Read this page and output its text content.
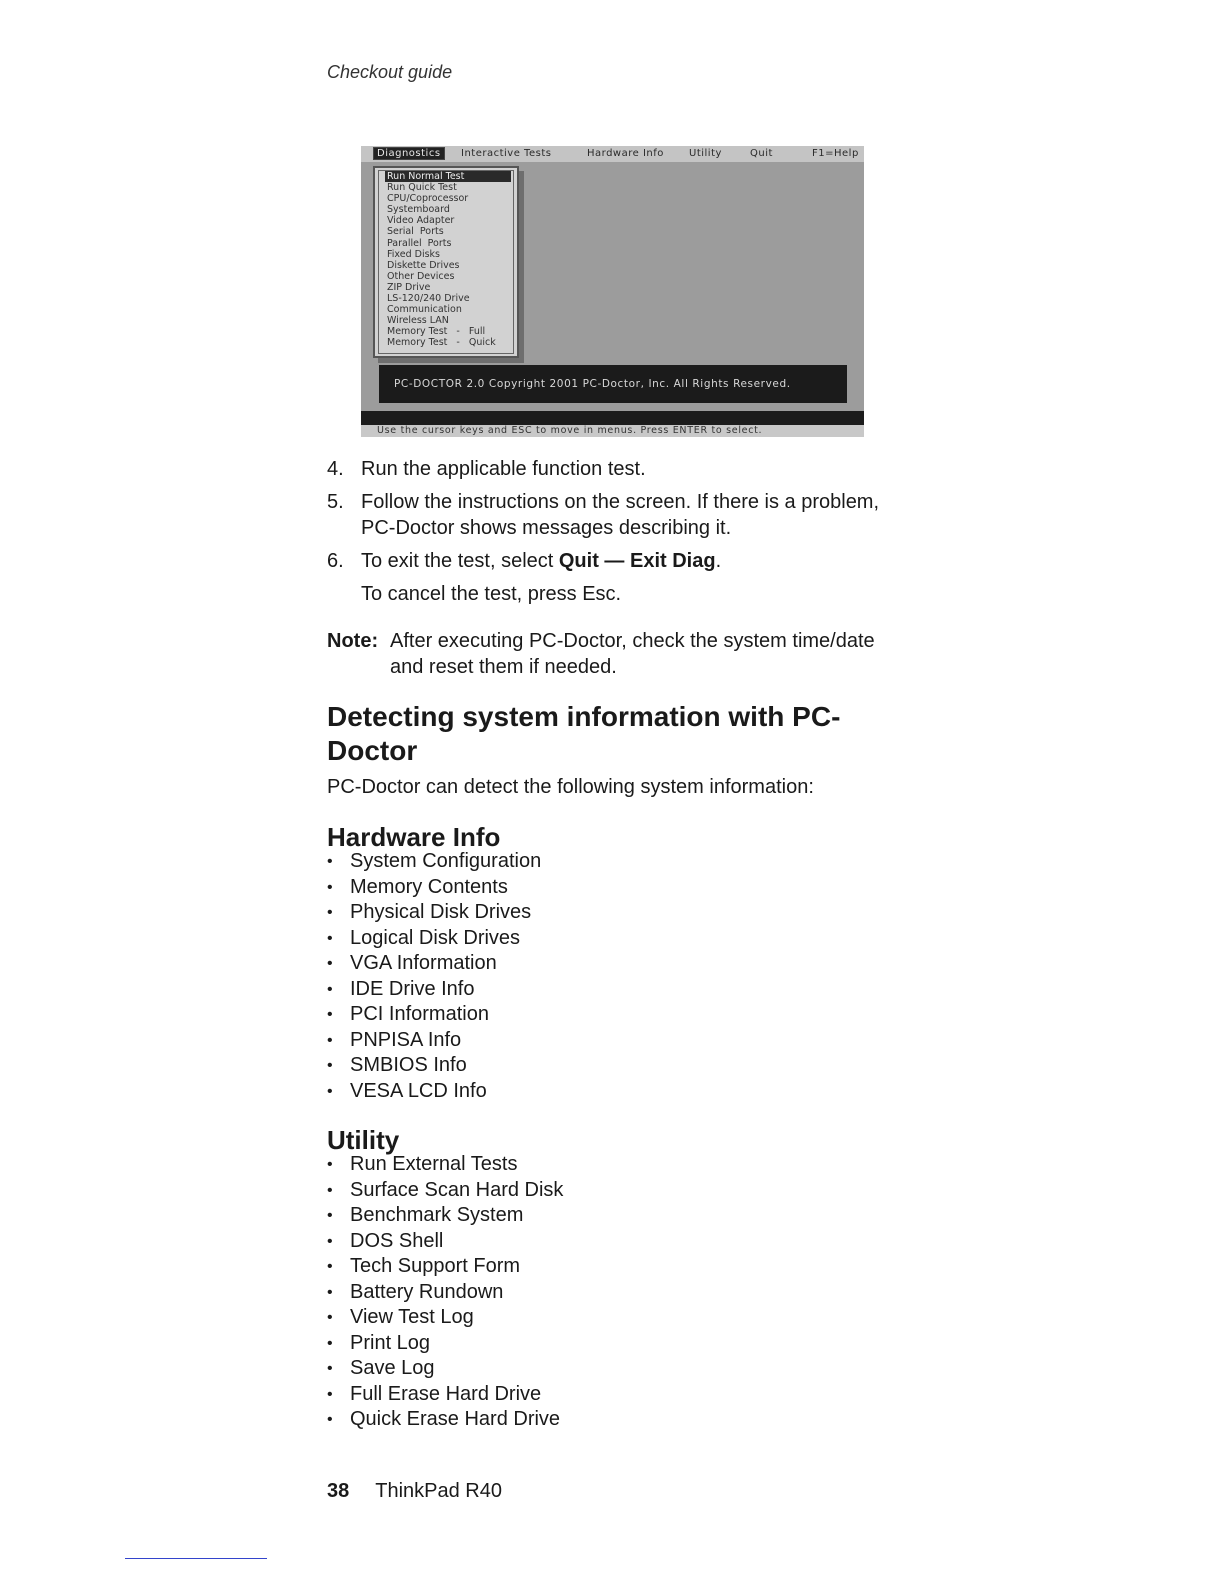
Checkout guide
Diagnostics	Interactive Tests	Hardware Info	Utility	Quit	F1=Help
Run Normal Test
Run Quick Test
CPU/Coprocessor
Systemboard
Video Adapter
Serial  Ports
Parallel  Ports
Fixed Disks
Diskette Drives
Other Devices
ZIP Drive
LS-120/240 Drive
Communication
Wireless LAN
Memory Test   -   Full
Memory Test   -   Quick
PC-DOCTOR 2.0 Copyright 2001 PC-Doctor, Inc. All Rights Reserved.
Use the cursor keys and ESC to move in menus. Press ENTER to select.
4. Run the applicable function test.
5. Follow the instructions on the screen. If there is a problem, PC-Doctor shows messages describing it.
6. To exit the test, select Quit — Exit Diag.
To cancel the test, press Esc.
Note: After executing PC-Doctor, check the system time/date and reset them if needed.
Detecting system information with PC-Doctor
PC-Doctor can detect the following system information:
Hardware Info
• System Configuration
• Memory Contents
• Physical Disk Drives
• Logical Disk Drives
• VGA Information
• IDE Drive Info
• PCI Information
• PNPISA Info
• SMBIOS Info
• VESA LCD Info
Utility
• Run External Tests
• Surface Scan Hard Disk
• Benchmark System
• DOS Shell
• Tech Support Form
• Battery Rundown
• View Test Log
• Print Log
• Save Log
• Full Erase Hard Drive
• Quick Erase Hard Drive
38 ThinkPad R40
